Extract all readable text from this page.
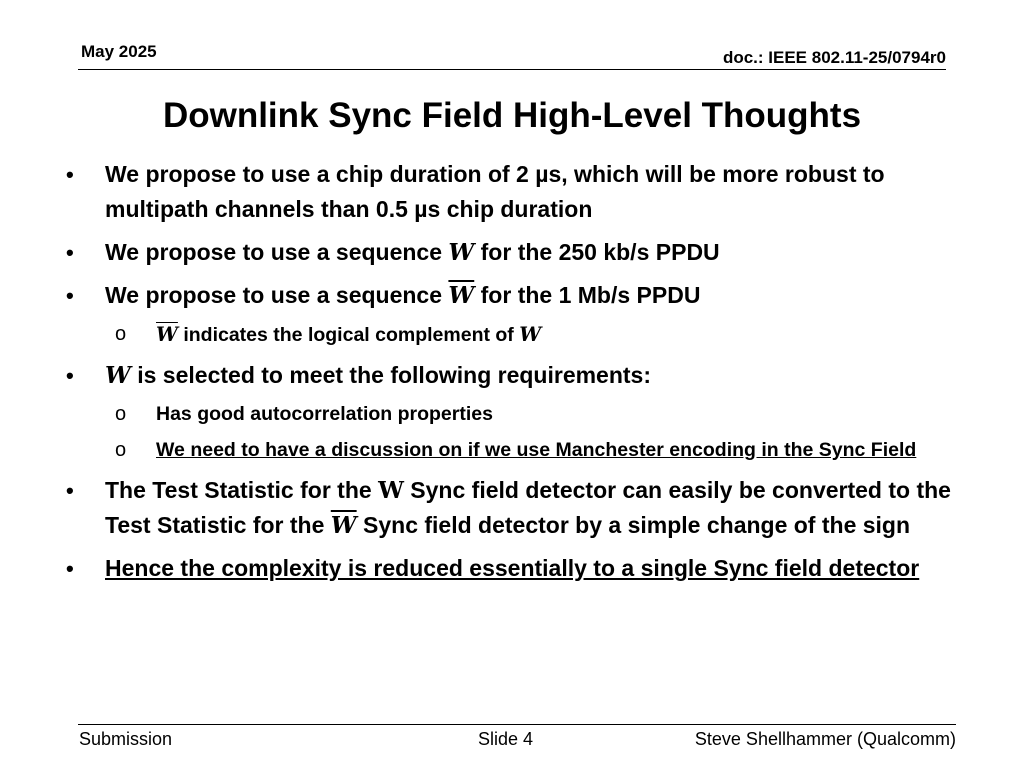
May 2025	doc.: IEEE 802.11-25/0794r0
Downlink Sync Field High-Level Thoughts
• We propose to use a chip duration of 2 µs, which will be more robust to multipath channels than 0.5 µs chip duration
• We propose to use a sequence W for the 250 kb/s PPDU
• We propose to use a sequence $\overline{W}$ for the 1 Mb/s PPDU
o $\overline{W}$ indicates the logical complement of W
• W is selected to meet the following requirements:
o Has good autocorrelation properties
o We need to have a discussion on if we use Manchester encoding in the Sync Field
• The Test Statistic for the W Sync field detector can easily be converted to the Test Statistic for the $\overline{W}$ Sync field detector by a simple change of the sign
• Hence the complexity is reduced essentially to a single Sync field detector
Submission	Slide 4	Steve Shellhammer (Qualcomm)
